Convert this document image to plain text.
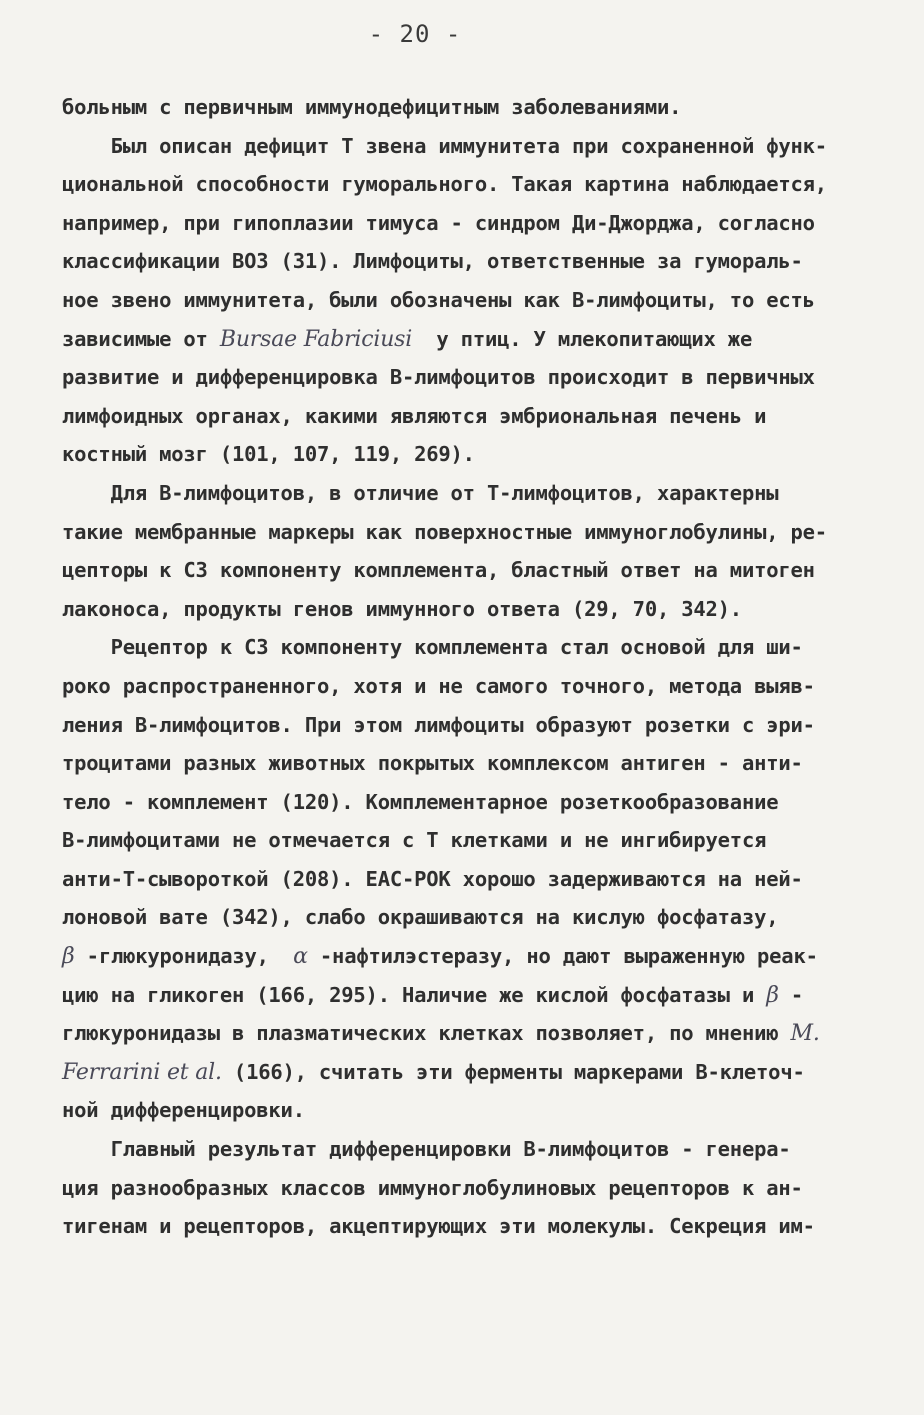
- 20 -
больным с первичным иммунодефицитным заболеваниями.
Был описан дефицит Т звена иммунитета при сохраненной функ-
циональной способности гуморального. Такая картина наблюдается,
например, при гипоплазии тимуса - синдром Ди-Джорджа, согласно
классификации ВОЗ (31). Лимфоциты, ответственные за гумораль-
ное звено иммунитета, были обозначены как В-лимфоциты, то есть
зависимые от Bursae Fabriciusi  у птиц. У млекопитающих же
развитие и дифференцировка В-лимфоцитов происходит в первичных
лимфоидных органах, какими являются эмбриональная печень и
костный мозг (101, 107, 119, 269).
Для В-лимфоцитов, в отличие от Т-лимфоцитов, характерны
такие мембранные маркеры как поверхностные иммуноглобулины, ре-
цепторы к С3 компоненту комплемента, бластный ответ на митоген
лаконоса, продукты генов иммунного ответа (29, 70, 342).
Рецептор к С3 компоненту комплемента стал основой для ши-
роко распространенного, хотя и не самого точного, метода выяв-
ления В-лимфоцитов. При этом лимфоциты образуют розетки с эри-
троцитами разных животных покрытых комплексом антиген - анти-
тело - комплемент (120). Комплементарное розеткообразование
В-лимфоцитами не отмечается с Т клетками и не ингибируется
анти-Т-сывороткой (208). ЕАС-РОК хорошо задерживаются на ней-
лоновой вате (342), слабо окрашиваются на кислую фосфатазу,
β -глюкуронидазу,  α -нафтилэстеразу, но дают выраженную реак-
цию на гликоген (166, 295). Наличие же кислой фосфатазы и β -
глюкуронидазы в плазматических клетках позволяет, по мнению M.
Ferrarini et al. (166), считать эти ферменты маркерами В-клеточ-
ной дифференцировки.
Главный результат дифференцировки В-лимфоцитов - генера-
ция разнообразных классов иммуноглобулиновых рецепторов к ан-
тигенам и рецепторов, акцептирующих эти молекулы. Секреция им-
